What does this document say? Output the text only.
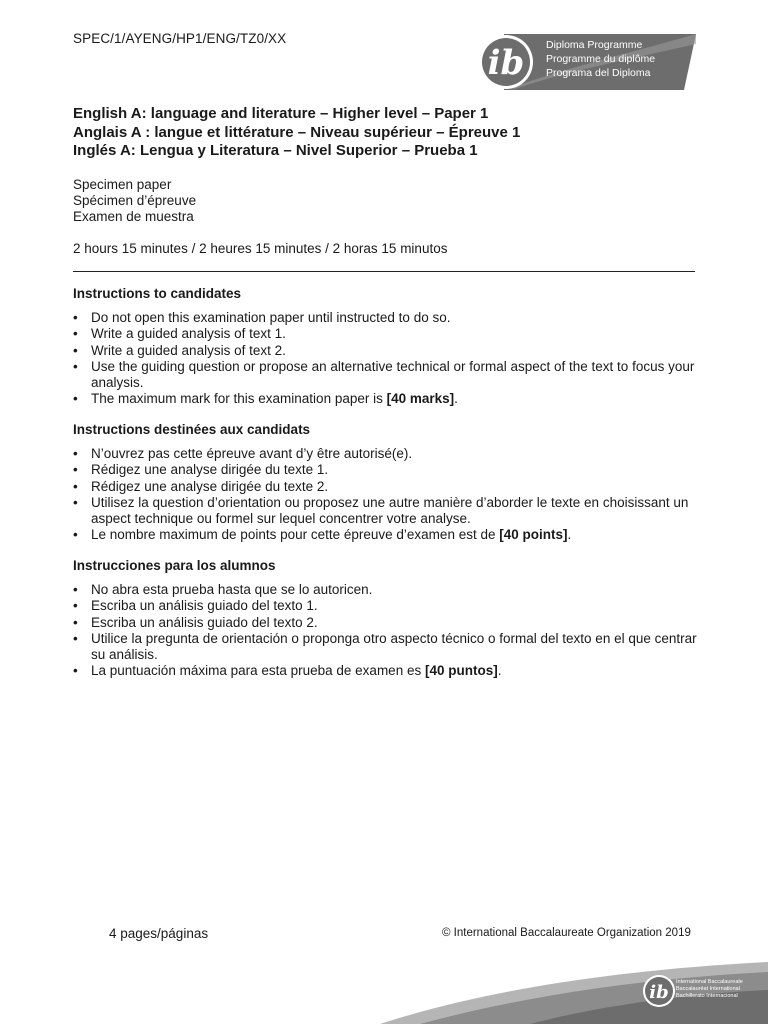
SPEC/1/AYENG/HP1/ENG/TZ0/XX
ib Diploma Programme
Programme du diplôme
Programa del Diploma
English A: language and literature – Higher level – Paper 1
Anglais A : langue et littérature – Niveau supérieur – Épreuve 1
Inglés A: Lengua y Literatura – Nivel Superior – Prueba 1
Specimen paper
Spécimen d’épreuve
Examen de muestra
2 hours 15 minutes / 2 heures 15 minutes / 2 horas 15 minutos
Instructions to candidates
• Do not open this examination paper until instructed to do so.
• Write a guided analysis of text 1.
• Write a guided analysis of text 2.
• Use the guiding question or propose an alternative technical or formal aspect of the text to focus your analysis.
• The maximum mark for this examination paper is [40 marks].
Instructions destinées aux candidats
• N’ouvrez pas cette épreuve avant d’y être autorisé(e).
• Rédigez une analyse dirigée du texte 1.
• Rédigez une analyse dirigée du texte 2.
• Utilisez la question d’orientation ou proposez une autre manière d’aborder le texte en choisissant un aspect technique ou formel sur lequel concentrer votre analyse.
• Le nombre maximum de points pour cette épreuve d’examen est de [40 points].
Instrucciones para los alumnos
• No abra esta prueba hasta que se lo autoricen.
• Escriba un análisis guiado del texto 1.
• Escriba un análisis guiado del texto 2.
• Utilice la pregunta de orientación o proponga otro aspecto técnico o formal del texto en el que centrar su análisis.
• La puntuación máxima para esta prueba de examen es [40 puntos].
4 pages/páginas	© International Baccalaureate Organization 2019
ib International Baccalaureate
Baccalauréat International
Bachillerato Internacional
